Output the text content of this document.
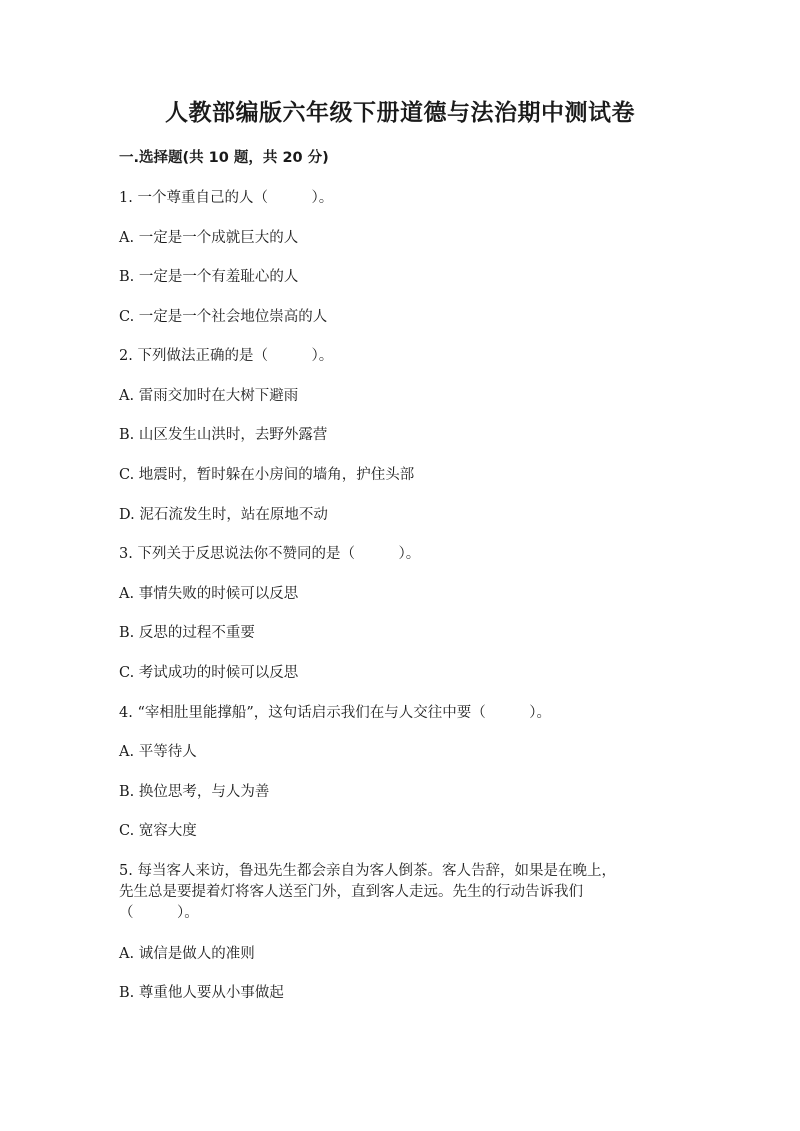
人教部编版六年级下册道德与法治期中测试卷
一.选择题(共 10 题，共 20 分)
1. 一个尊重自己的人（　　　）。
A. 一定是一个成就巨大的人
B. 一定是一个有羞耻心的人
C. 一定是一个社会地位崇高的人
2. 下列做法正确的是（　　　）。
A. 雷雨交加时在大树下避雨
B. 山区发生山洪时，去野外露营
C. 地震时，暂时躲在小房间的墙角，护住头部
D. 泥石流发生时，站在原地不动
3. 下列关于反思说法你不赞同的是（　　　）。
A. 事情失败的时候可以反思
B. 反思的过程不重要
C. 考试成功的时候可以反思
4. “宰相肚里能撑船”，这句话启示我们在与人交往中要（　　　）。
A. 平等待人
B. 换位思考，与人为善
C. 宽容大度

5. 每当客人来访，鲁迅先生都会亲自为客人倒茶。客人告辞，如果是在晚上，

先生总是要提着灯将客人送至门外，直到客人走远。先生的行动告诉我们

（　　　）。

A. 诚信是做人的准则
B. 尊重他人要从小事做起
